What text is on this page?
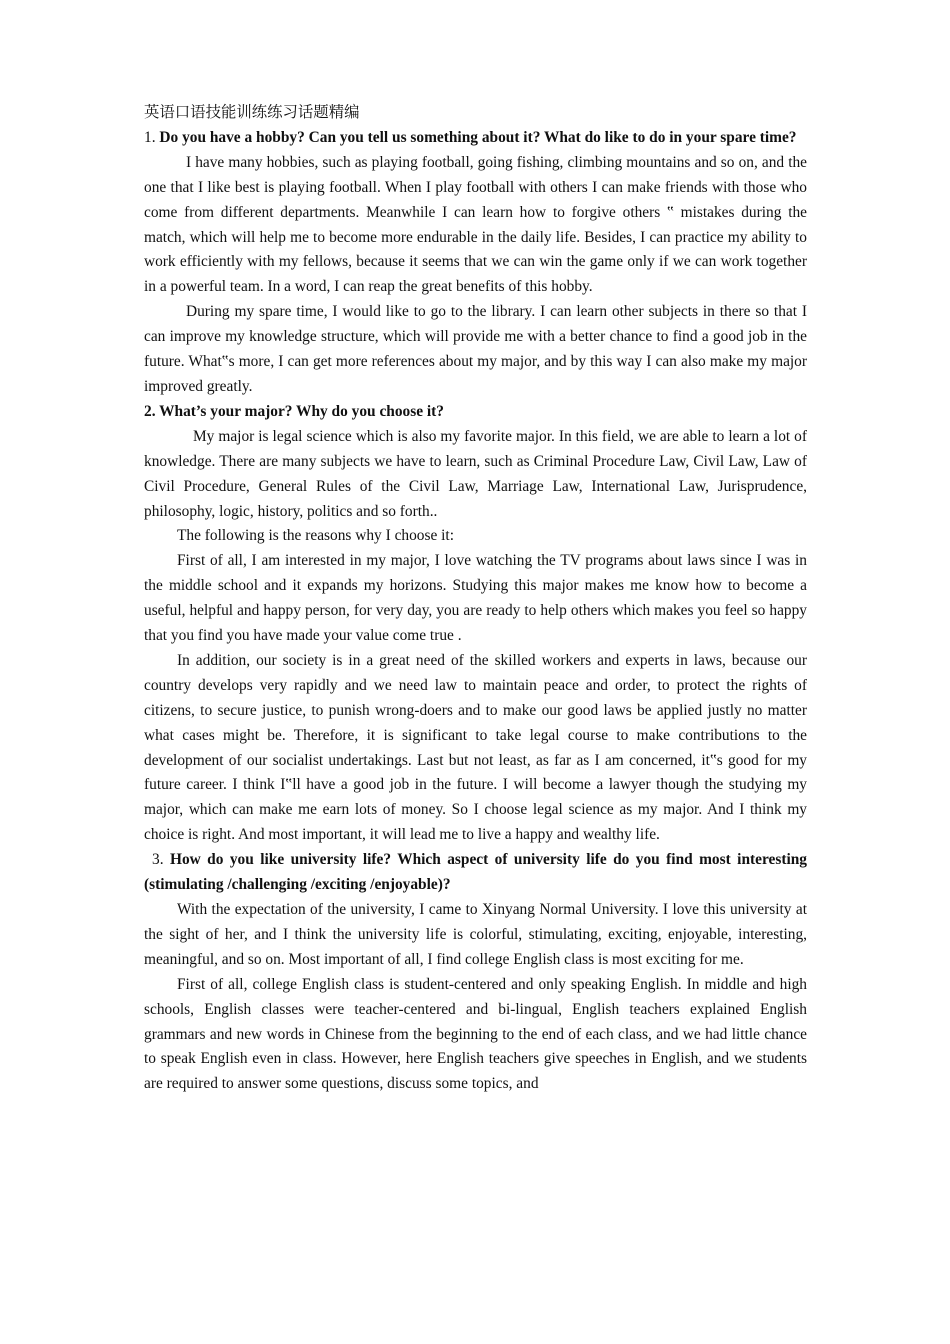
英语口语技能训练练习话题精编

1. Do you have a hobby? Can you tell us something about it? What do like to do in your spare time?

I have many hobbies, such as playing football, going fishing, climbing mountains and so on, and the one that I like best is playing football. When I play football with others I can make friends with those who come from different departments. Meanwhile I can learn how to forgive others ‟ mistakes during the match, which will help me to become more endurable in the daily life. Besides, I can practice my ability to work efficiently with my fellows, because it seems that we can win the game only if we can work together in a powerful team. In a word, I can reap the great benefits of this hobby.

During my spare time, I would like to go to the library. I can learn other subjects in there so that I can improve my knowledge structure, which will provide me with a better chance to find a good job in the future. What‟s more, I can get more references about my major, and by this way I can also make my major improved greatly.

2. What’s your major? Why do you choose it?

My major is legal science which is also my favorite major. In this field, we are able to learn a lot of knowledge. There are many subjects we have to learn, such as Criminal Procedure Law, Civil Law, Law of Civil Procedure, General Rules of the Civil Law, Marriage Law, International Law, Jurisprudence, philosophy, logic, history, politics and so forth..

The following is the reasons why I choose it:

First of all, I am interested in my major, I love watching the TV programs about laws since I was in the middle school and it expands my horizons. Studying this major makes me know how to become a useful, helpful and happy person, for very day, you are ready to help others which makes you feel so happy that you find you have made your value come true .

In addition, our society is in a great need of the skilled workers and experts in laws, because our country develops very rapidly and we need law to maintain peace and order, to protect the rights of citizens, to secure justice, to punish wrong-doers and to make our good laws be applied justly no matter what cases might be. Therefore, it is significant to take legal course to make contributions to the development of our socialist undertakings. Last but not least, as far as I am concerned, it‟s good for my future career. I think I‟ll have a good job in the future. I will become a lawyer though the studying my major, which can make me earn lots of money. So I choose legal science as my major. And I think my choice is right. And most important, it will lead me to live a happy and wealthy life.

3. How do you like university life? Which aspect of university life do you find most interesting (stimulating /challenging /exciting /enjoyable)?

With the expectation of the university, I came to Xinyang Normal University. I love this university at the sight of her, and I think the university life is colorful, stimulating, exciting, enjoyable, interesting, meaningful, and so on. Most important of all, I find college English class is most exciting for me.

First of all, college English class is student-centered and only speaking English. In middle and high schools, English classes were teacher-centered and bi-lingual, English teachers explained English grammars and new words in Chinese from the beginning to the end of each class, and we had little chance to speak English even in class. However, here English teachers give speeches in English, and we students are required to answer some questions, discuss some topics, and
